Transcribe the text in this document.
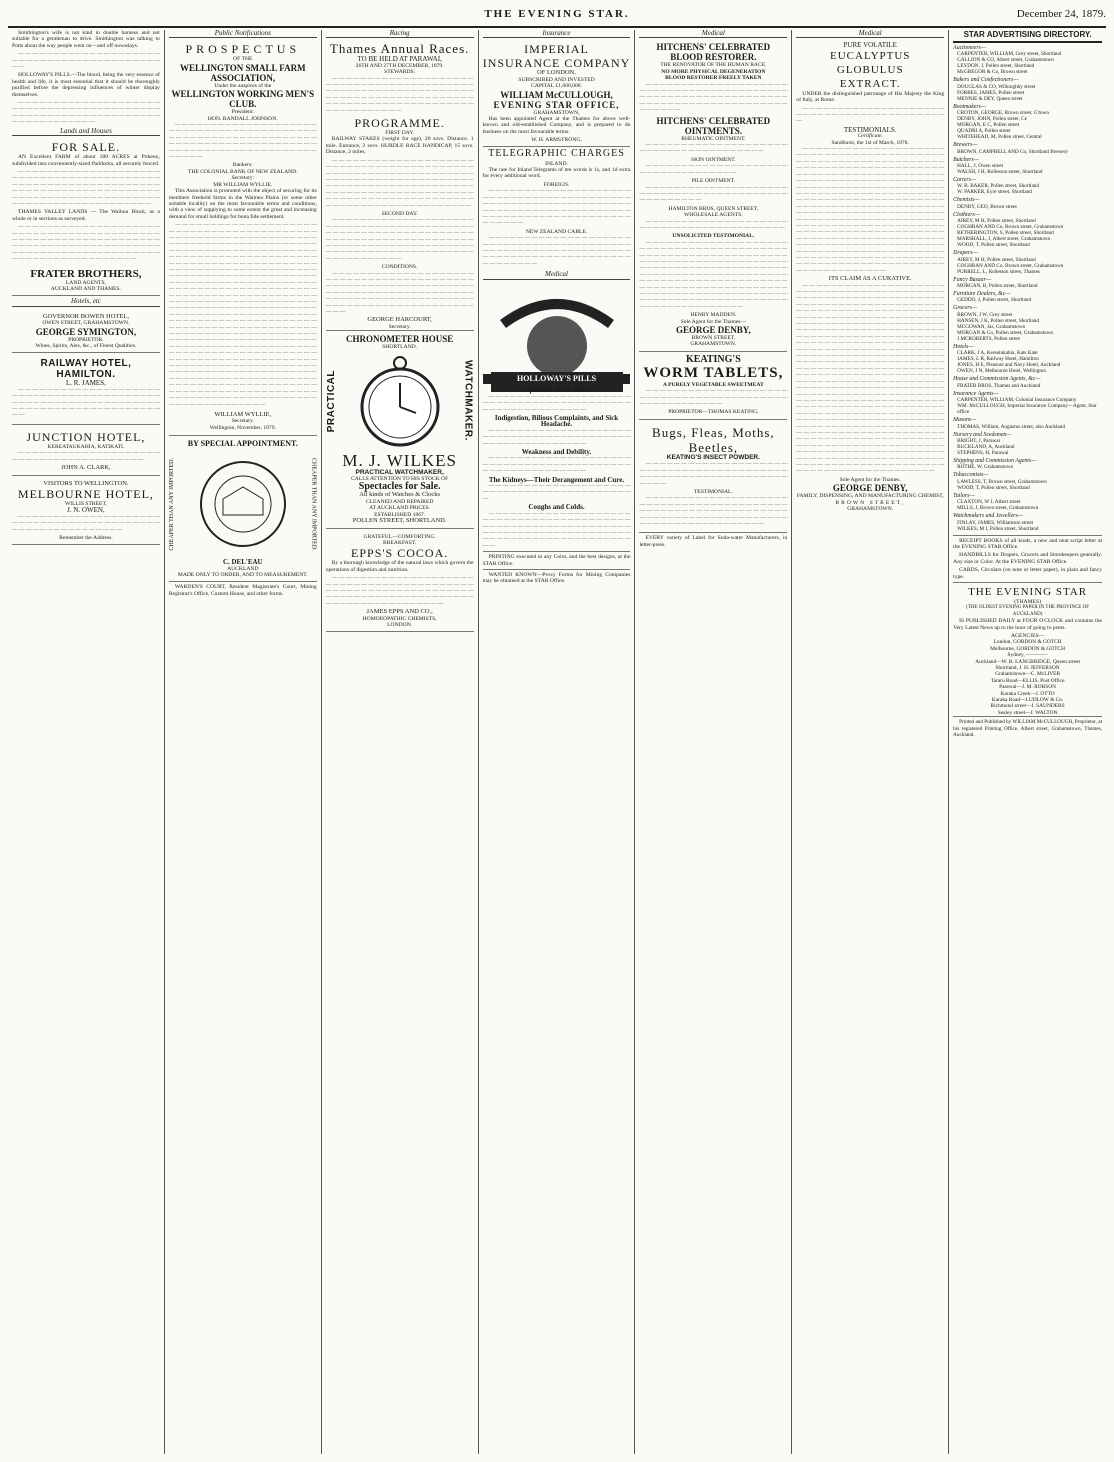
THE EVENING STAR.	December 24, 1879.

Smithington's wife is not kind in double harness and not suitable for a gentleman to drive. Smithington was talking to Potts about the way people went on—and off nowadays.

— — — — — — — — — — — — — — — — — — — — — — — — — — — — — — — — — — — — — — — — — — —

HOLLOWAY'S PILLS.—The blood, being the very essence of health and life, it is most essential that it should be thoroughly purified before the depressing influences of winter display themselves.

— — — — — — — — — — — — — — — — — — — — — — — — — — — — — — — — — — — — — — — — — — — — — — — — — — — — — — — — — — — — — — — — — — — — — — — — — —

Lands and Houses
FOR SALE.

AN Excellent FARM of about 180 ACRES at Pokeno, subdivided into conveniently-sized Paddocks, all securely fenced.

— — — — — — — — — — — — — — — — — — — — — — — — — — — — — — — — — — — — — — — — — — — — — — — — — — — — — — — — — — — — — — — — — — — — — — — — — — — — — — — — — — — — — — — — — — — — — — — — — — — — — — — — — — — — — — — — — — — — — — — — — — — —

THAMES VALLEY LANDS — The Waihou Block, as a whole or in sections as surveyed.

— — — — — — — — — — — — — — — — — — — — — — — — — — — — — — — — — — — — — — — — — — — — — — — — — — — — — — — — — — — — — — — — — — — — — — — — — — — — — — — — — — — — — — — — — — — — — — — — — — — — — — — — — — — — — — — — — — — — — — — — — —

FRATER BROTHERS,
LAND AGENTS,
AUCKLAND AND THAMES.
Hotels, etc
GOVERNOR BOWEN HOTEL,
OWEN STREET, GRAHAMSTOWN.
GEORGE SYMINGTON,
PROPRIETOR.
Wines, Spirits, Ales, &c., of Finest Qualities.
RAILWAY HOTEL, HAMILTON.
L. R. JAMES,

— — — — — — — — — — — — — — — — — — — — — — — — — — — — — — — — — — — — — — — — — — — — — — — — — — — — — — — — — — — — — — — — — — — — — — — — — — — — — — — — — — — — —

JUNCTION HOTEL,
KEREATAUKAHIA, KATIKATI.

— — — — — — — — — — — — — — — — — — — — — — — — — — — — — — — — — — — — — — —

JOHN A. CLARK,
VISITORS TO WELLINGTON.
MELBOURNE HOTEL,
WILLIS STREET,
J. N. OWEN,

— — — — — — — — — — — — — — — — — — — — — — — — — — — — — — — — — — — — — — — — — — — — — — — — — — — — — — — — —

Remember the Address.
Public Notifications
PROSPECTUS
OF THE
WELLINGTON SMALL FARM ASSOCIATION,
Under the auspices of the
WELLINGTON WORKING MEN'S CLUB.
President:
HON. RANDALL JOHNSON.

— — — — — — — — — — — — — — — — — — — — — — — — — — — — — — — — — — — — — — — — — — — — — — — — — — — — — — — — — — — — — — — — — — — — — — — — — — — — — — — — — — — — — — — — — — — — — — — — — — — — — — — — — — — — —

Bankers:
THE COLONIAL BANK OF NEW ZEALAND.
Secretary:
MR WILLIAM WYLLIE.

This Association is promoted with the object of securing for its members freehold farms in the Waimea Plains (or some other suitable locality) on the most favourable terms and conditions, with a view of supplying to some extent the great and increasing demand for small holdings for bona fide settlement.

— — — — — — — — — — — — — — — — — — — — — — — — — — — — — — — — — — — — — — — — — — — — — — — — — — — — — — — — — — — — — — — — — — — — — — — — — — — — — — — — — — — — — — — — — — — — — — — — — — — — — — — — — — — — — — — — — — — — — — — — — — — — — — — — — — — — — — — — — — — — — — — — — — — — — — — — — — — — — — — — — — — — — — — — — — — — — — — — — — — — — — — — — — — — — — — — — — — — — — — — — — — — — — — — — — — — — — — — — — — — — — — — — — — — — — — — — — — — — — — — — — — — — — — — — — — — — — — — — — — — — — — — — — — — — — — — — — — — — — — — — — — — — — — — — — — — — — — — — — — — — — — — — — — — — — — — — — — — — — — — — — — — — — — — — — — — — — — — — — — — — — — — — — — — — — — — — — — — — — — — — — — — — — — — — — — — — — — — — — — — — — — — — — — — — — — — — — — — — — — — — — — — — — — — — — — — — — — — — — — — — — — — — — — — — — — — — — — — — — — — — — — — — — — — — — — — — — — — — — — — — — — — — — — — — — — — — — — — — — — — — — — — — — — — — — — — — — — — — — — — — — — — — — — — — — — — — — — — — — — — — — — — — — — — — — — — — — — — — — — — — — — — — — — — — — — — — — — — — — — — — — — — — — — — — — — — — — — — — — — — — — — — — — — — — — — — — — — — — — — — —

WILLIAM WYLLIE,
Secretary.
Wellington, November, 1879.
BY SPECIAL APPOINTMENT.
CHEAPER THAN ANY IMPORTED.	CHEAPER THAN ANY IMPORTED.
C. DEL'EAU
AUCKLAND
MADE ONLY TO ORDER, AND TO MEASUREMENT.

WARDEN'S COURT, Resident Magistrate's Court, Mining Registrar's Office, Custom House, and other forms.

Racing
Thames Annual Races.
TO BE HELD AT PARAWAI,
26TH AND 27TH DECEMBER, 1879.
STEWARDS:

— — — — — — — — — — — — — — — — — — — — — — — — — — — — — — — — — — — — — — — — — — — — — — — — — — — — — — — — — — — — — — — — — — — — — — — — — — — — — — — — — — — — — — — — — — — — — — — — — — — — — — — — — — — — — — — — — — —

PROGRAMME.
FIRST DAY.

RAILWAY STAKES (weight for age), 20 sovs. Distance, 1 mile. Entrance, 2 sovs. HURDLE RACE HANDICAP, 15 sovs. Distance, 2 miles.

— — — — — — — — — — — — — — — — — — — — — — — — — — — — — — — — — — — — — — — — — — — — — — — — — — — — — — — — — — — — — — — — — — — — — — — — — — — — — — — — — — — — — — — — — — — — — — — — — — — — — — — — — — — — — — — — — — — — — — — — — — — — — — — — — — — — — — — — — — — — — — — — — — — — — — — — — — — — — — — — — — — — — — —

SECOND DAY.

— — — — — — — — — — — — — — — — — — — — — — — — — — — — — — — — — — — — — — — — — — — — — — — — — — — — — — — — — — — — — — — — — — — — — — — — — — — — — — — — — — — — — — — — — — — — — — — — — — — — — — — — — — — — — — — — — — — — — — — — — — — — — — — — — — — — — — — —

CONDITIONS.

— — — — — — — — — — — — — — — — — — — — — — — — — — — — — — — — — — — — — — — — — — — — — — — — — — — — — — — — — — — — — — — — — — — — — — — — — — — — — — — — — — — — — — — — — — — — — — — — — — — — — — — — — — — — — — — — — — — — — — — — — — — — — — — —

GEORGE HARCOURT,
Secretary.
CHRONOMETER HOUSE
SHORTLAND.
PRACTICAL	WATCHMAKER.
M. J. WILKES
PRACTICAL WATCHMAKER,
CALLS ATTENTION TO HIS STOCK OF
Spectacles for Sale.
All kinds of Watches & Clocks
CLEANED AND REPAIRED
AT AUCKLAND PRICES.
ESTABLISHED 1867.
POLLEN STREET, SHORTLAND.
GRATEFUL—COMFORTING.
BREAKFAST.
EPPS'S COCOA.

By a thorough knowledge of the natural laws which govern the operations of digestion and nutrition.

— — — — — — — — — — — — — — — — — — — — — — — — — — — — — — — — — — — — — — — — — — — — — — — — — — — — — — — — — — — — — — — — — — — — — — — — — — — — — — — — — — — — — — — — — — — — — — — — — — — —

JAMES EPPS AND CO.,
HOMOEOPATHIC CHEMISTS,
LONDON.
Insurance
IMPERIAL
INSURANCE COMPANY
OF LONDON.
SUBSCRIBED AND INVESTED
CAPITAL £1,600,000.
WILLIAM McCULLOUGH,
EVENING STAR OFFICE,
GRAHAMSTOWN,

Has been appointed Agent at the Thames for above well-known and old-established Company, and is prepared to do business on the most favourable terms.

W. H. ARMSTRONG,
TELEGRAPHIC CHARGES
INLAND.

The rate for Inland Telegrams of ten words is 1s, and 1d extra for every additional word.

FOREIGN.

— — — — — — — — — — — — — — — — — — — — — — — — — — — — — — — — — — — — — — — — — — — — — — — — — — — — — — — — — — — — — — — — — — — — — — — — — — — — — — — — — — — — — — — — — — — — — — — — — — — — — — — — — — — — — —

NEW ZEALAND CABLE.

— — — — — — — — — — — — — — — — — — — — — — — — — — — — — — — — — — — — — — — — — — — — — — — — — — — — — — — — — — — — — — — — — — — — — — — — — — — — — — — — — — — — — — — — — — —

Medical
HOLLOWAY'S PILLS
Impurities of the Blood.

— — — — — — — — — — — — — — — — — — — — — — — — — — — — — — — — — — — — — — — — — — — — — — — — — — — — — — — —

Indigestion, Bilious Complaints, and Sick Headache.

— — — — — — — — — — — — — — — — — — — — — — — — — — — — — — — — — — — — — — — — — — — — — — — — — — — — — — — —

Weakness and Debility.

— — — — — — — — — — — — — — — — — — — — — — — — — — — — — — — — — — — — — — — — — — — — — — — — — — — — — — — —

The Kidneys—Their Derangement and Cure.

— — — — — — — — — — — — — — — — — — — — — — — — — — — — — — — — — — — — — — — — — —

Coughs and Colds.

— — — — — — — — — — — — — — — — — — — — — — — — — — — — — — — — — — — — — — — — — — — — — — — — — — — — — — — — — — — — — — — — — — — — — — — — — — — — — — — — — — — — — — — — — — — — — — — — — — — — — — — — — —

PRINTING executed in any Color, and the best designs, at the STAR Office.

WANTED KNOWN—Proxy Forms for Mining Companies may be obtained at the STAR Office.

Medical
HITCHENS' CELEBRATED BLOOD RESTORER.
THE RENOVATOR OF THE HUMAN RACE.
NO MORE PHYSICAL DEGENERATION
BLOOD RESTORER FREELY TAKEN

— — — — — — — — — — — — — — — — — — — — — — — — — — — — — — — — — — — — — — — — — — — — — — — — — — — — — — — — — — — — — — — — — — — — — — — — — — — — — — — — — — — — — — — — —

HITCHENS' CELEBRATED OINTMENTS.
RHEUMATIC OINTMENT.

— — — — — — — — — — — — — — — — — — — — — — — — — — — — — — — — — — — — — —

SKIN OINTMENT.

— — — — — — — — — — — — — — — — — — — — — — — — — — — — — — — — — —

PILE OINTMENT.

— — — — — — — — — — — — — — — — — — — — — — — — — — — — — — — — — — — — — — — — — — — — — — — — — —

HAMILTON BROS, QUEEN STREET,
WHOLESALE AGENTS.

— — — — — — — — — — — — — — — — — — — — — — — — — — — — — — — — — — — — — — — — —

UNSOLICITED TESTIMONIAL.

— — — — — — — — — — — — — — — — — — — — — — — — — — — — — — — — — — — — — — — — — — — — — — — — — — — — — — — — — — — — — — — — — — — — — — — — — — — — — — — — — — — — — — — — — — — — — — — — — — — — — — — — — — — — — — — — — — — — — — — — — — — — — — — — — — — — — — — — — — — — — — — — — — — — — — — — — — — — — — — — — — — — — — — — — — — — — — — — — — — — — — — — — — — — — — — — — — — — — — — — — — — — — — — — — — — — — — — — — — — — — — — —

HENRY MADDEN.
Sole Agent for the Thames—
GEORGE DENBY,
BROWN STREET,
GRAHAMSTOWN.
KEATING'S
WORM TABLETS,
A PURELY VEGETABLE SWEETMEAT

— — — — — — — — — — — — — — — — — — — — — — — — — — — — — — — — — — — — — — — — — — — — — — — — — — — — —

PROPRIETOR—THOMAS KEATING,
Bugs, Fleas, Moths, Beetles,
KEATING'S INSECT POWDER.

— — — — — — — — — — — — — — — — — — — — — — — — — — — — — — — — — — — — — — — — — — — — — — — — — — — — — — — — — — — — — — — — — —

TESTIMONIAL.

— — — — — — — — — — — — — — — — — — — — — — — — — — — — — — — — — — — — — — — — — — — — — — — — — — — — — — — — — — — — — — — — — — — — — — — — — — — — — — — — — — — — — — — — — — — — — — — — — — — — —

EVERY variety of Label for Soda-water Manufacturers, in letter-press.

Medical
PURE VOLATILE
EUCALYPTUS GLOBULUS
EXTRACT.

UNDER the distinguished patronage of His Majesty the King of Italy, at Rome.

— — — — — — — — — — — — — — — — — — — — — — — — — — — — — — — — — — — — — — — — — —

TESTIMONIALS.
Certificate.
Sandhurst, the 1st of March, 1878.

— — — — — — — — — — — — — — — — — — — — — — — — — — — — — — — — — — — — — — — — — — — — — — — — — — — — — — — — — — — — — — — — — — — — — — — — — — — — — — — — — — — — — — — — — — — — — — — — — — — — — — — — — — — — — — — — — — — — — — — — — — — — — — — — — — — — — — — — — — — — — — — — — — — — — — — — — — — — — — — — — — — — — — — — — — — — — — — — — — — — — — — — — — — — — — — — — — — — — — — — — — — — — — — — — — — — — — — — — — — — — — — — — — — — — — — — — — — — — — — — — — — — — — — — — — — — — — — — — — — — — — — — — — — — — — — — — — — — — — — — — — — — — — — — — — — — — — — — — — — — — — — — — — — — — — — — — — — — — — — — — — — — — — — — — — — — — — — — — — — — — — — — — — — — — — — — — — — — — — — — — — — — — — — — — — — — — — — — — — — — — — — — — — — — — — — — — — — — — — — — — — — — — — — — — — —

ITS CLAIM AS A CURATIVE.

— — — — — — — — — — — — — — — — — — — — — — — — — — — — — — — — — — — — — — — — — — — — — — — — — — — — — — — — — — — — — — — — — — — — — — — — — — — — — — — — — — — — — — — — — — — — — — — — — — — — — — — — — — — — — — — — — — — — — — — — — — — — — — — — — — — — — — — — — — — — — — — — — — — — — — — — — — — — — — — — — — — — — — — — — — — — — — — — — — — — — — — — — — — — — — — — — — — — — — — — — — — — — — — — — — — — — — — — — — — — — — — — — — — — — — — — — — — — — — — — — — — — — — — — — — — — — — — — — — — — — — — — — — — — — — — — — — — — — — — — — — — — — — — — — — — — — — — — — — — — — — — — — — — — — — — — — — — — — — — — — — — — — — — — — — — — — — — — — — — — — — — — — — — — — — — — — — — — — — — — — — — — — — — — — — — — — — — — — — — — — — — — — — — — — — — — — — — — — — — — — — — — — — — — — — — — — — — — — — — — — — — — — — — — — — — — — — — — — — — — — — — — — — — — — — — — — — — — — — — — — — — — — — — — — — — — — — — — — — — — — — — — — — — — — — — — — — — — — — — — — — — — — — — — — — — — — — — — — — — — — — — — — — — — — — — — — — — — — — — — — — — — — — — — — — — — — — — — — — — — — — — — — — — — — — — — — — — — — — — — — — — — — — — — — — — — — — — — — — — — — — — — — — — — — — — — — — — — — — — — — — — — — — — —

Sole Agent for the Thames.
GEORGE DENBY,
FAMILY, DISPENSING, AND MANUFACTURING CHEMIST,
BROWN STREET,
GRAHAMSTOWN.
STAR ADVERTISING DIRECTORY.
Auctioneers—
CARPENTER, WILLIAM, Grey street, Shortland
GALLION & CO, Albert street, Grahamstown
LEYDON, J, Pollen street, Shortland
McGREGOR & Co, Brown street
Bakers and Confectioners—
DOUGLAS & CO, Willoughby street
FORBES, JAMES, Pollen street
MENNIE & DEY, Queen street
Bootmakers—
CROTON, GEORGE, Brown street, G'town
DENBY, JOHN, Pollen street, Ce
MORGAN, E C, Pollen street
QUADRI A, Pollen street
WHITEHEAD, M, Pollen street, Central
Brewers—
BROWN, CAMPBELL AND Co, Shortland Brewery
Butchers—
HALL, J, Owen street
WALSH, J H, Rolleston street, Shortland
Carters—
W. B. BAKER, Pollen street, Shortland
W. PARKER, Eyre street, Shortland
Chemists—
DENBY, GEO, Brown street
Clothiers—
AIREY, M H, Pollen street, Shortland
COGHRAN AND Co, Brown street, Grahamstown
BETHERINGTON, S, Pollen street, Shortland
MARSHALL, J, Albert street, Grahamstown
WOOD, T, Pollen street, Shortland
Drapers—
AIREY, M H, Pollen street, Shortland
COGHRAN AND Co, Brown street, Grahamstown
PURRELL, L, Rolleston street, Thames
Fancy Bazaar—
MORGAN, B, Pollen street, Shortland
Furniture Dealers, &c—
GEDDO, J, Pollen street, Shortland
Grocers—
BROWN, J W, Grey street
HANSEN, J K, Pollen street, Shortland
MCGOWAN, Jas, Grahamstown
MORGAN & Co, Pollen street, Grahamstown
J MCROBERTS, Pollen street
Hotels—
CLARK, J A, Kereatukahia, Kats Kate
JAMES, L R, Railway Hotel, Hamilton
JONES, H E, Pleasure and Navy Hotel, Auckland
OWEN, J N, Melbourne Hotel, Wellington
House and Commission Agents, &c—
FRATER BROS, Thames and Auckland
Insurance Agents—
CARPENTER, WILLIAM, Colonial Insurance Company
WM. McCULLOUGH, Imperial Insurance Company—Agent, Star office
Masons—
THOMAS, William, Augustus street, also Auckland
Nursery and Seedsmen—
BRIGHT, J, Parawai
BUCKLAND, A, Auckland
STEPHENS, H, Parawai
Shipping and Commission Agents—
ROTHE, W, Grahamstown
Tobacconists—
LAWLESS, T, Brown street, Grahamstown
WOOD, T, Pollen street, Shortland
Tailors—
CLAXTON, W J, Albert street
MILLS, J, Brown street, Grahamstown
Watchmakers and Jewellers—
FINLAY, JAMES, Williamson street
WILKES, M J, Pollen street, Shortland

RECEIPT BOOKS of all kinds, a new and neat script letter at the EVENING STAR Office.

HANDBILLS for Drapers, Grocers and Storekeepers generally. Any size or Color. At the EVENING STAR Office.

CARDS, Circulars (on note or letter paper), in plain and fancy type.

THE EVENING STAR
(THAMES)
(THE OLDEST EVENING PAPER IN THE PROVINCE OF AUCKLAND)

IS PUBLISHED DAILY at FOUR O'CLOCK and contains the Very Latest News up to the hour of going to press.

AGENCIES—
London, GORDON & GOTCH
Melbourne, GORDON & GOTCH
Sydney, ————
Auckland—W. B. LANGBRIDGE, Queen street
Shortland, J. H. JEFFERSON
Grahamstown—C. McLIVER
Tararu Road—ELLIS, Post Office
Parawai—J. M. ROBSON
Karaka Creek—J. OTTO
Karaka Road—LUDLOW & Co.
Richmond street—J. SAUNDERS
Sealey street—J. WALTON

Printed and Published by WILLIAM McCULLOUGH, Proprietor, at his registered Printing Office, Albert street, Grahamstown, Thames, Auckland.
